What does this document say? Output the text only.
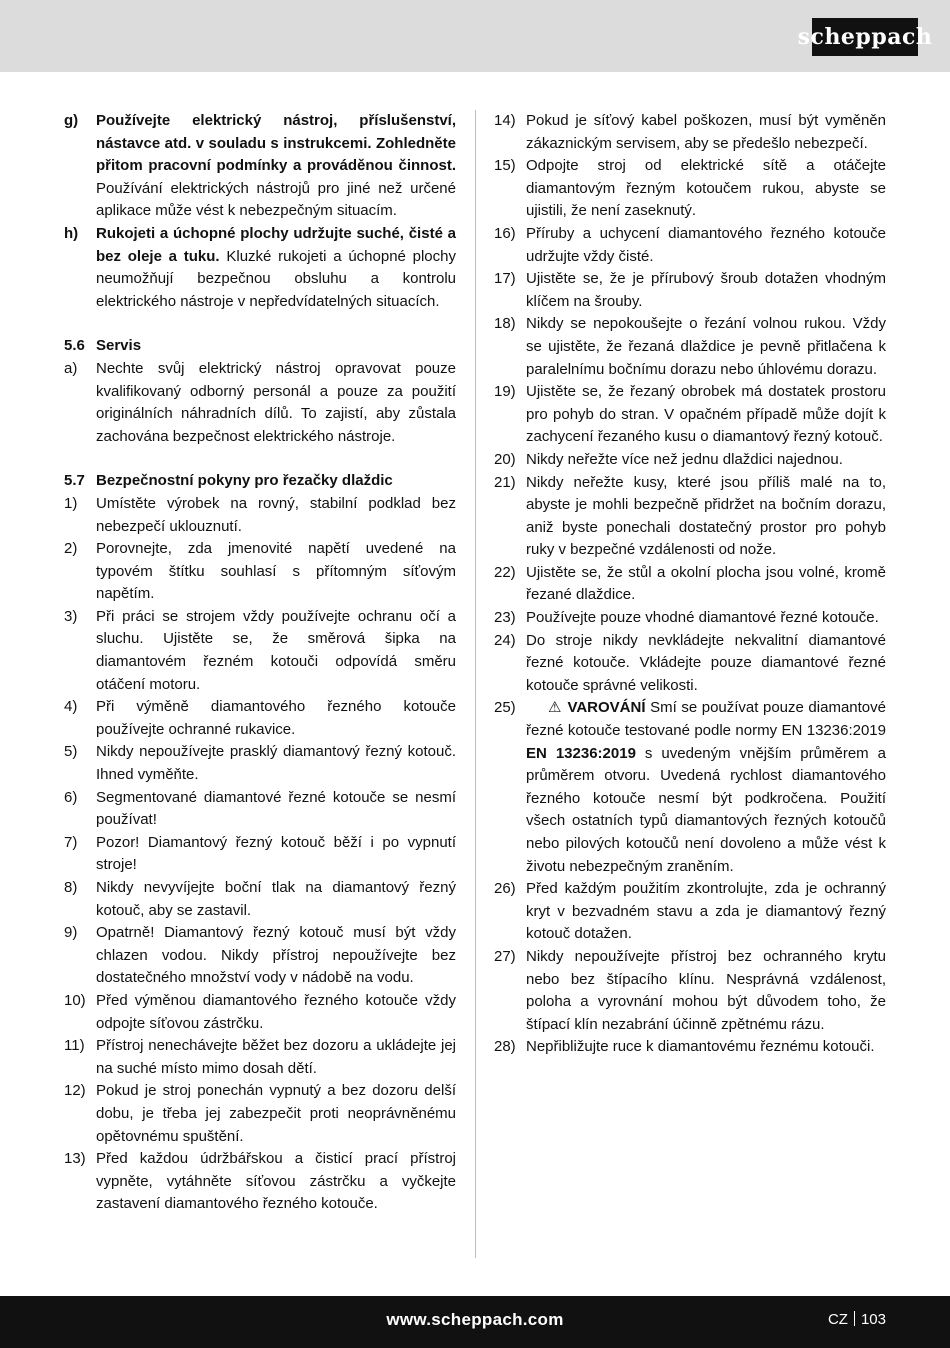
scheppach
g)	Používejte elektrický nástroj, příslušenství, nástavce atd. v souladu s instrukcemi. Zohledněte přitom pracovní podmínky a prováděnou činnost. Používání elektrických nástrojů pro jiné než určené aplikace může vést k nebezpečným situacím.
h)	Rukojeti a úchopné plochy udržujte suché, čisté a bez oleje a tuku. Kluzké rukojeti a úchopné plochy neumožňují bezpečnou obsluhu a kontrolu elektrického nástroje v nepředvídatelných situacích.
5.6 Servis
a)	Nechte svůj elektrický nástroj opravovat pouze kvalifikovaný odborný personál a pouze za použití originálních náhradních dílů. To zajistí, aby zůstala zachována bezpečnost elektrického nástroje.
5.7 Bezpečnostní pokyny pro řezačky dlaždic
1)	Umístěte výrobek na rovný, stabilní podklad bez nebezpečí uklouznutí.
2)	Porovnejte, zda jmenovité napětí uvedené na typovém štítku souhlasí s přítomným síťovým napětím.
3)	Při práci se strojem vždy používejte ochranu očí a sluchu. Ujistěte se, že směrová šipka na diamantovém řezném kotouči odpovídá směru otáčení motoru.
4)	Při výměně diamantového řezného kotouče používejte ochranné rukavice.
5)	Nikdy nepoužívejte prasklý diamantový řezný kotouč. Ihned vyměňte.
6)	Segmentované diamantové řezné kotouče se nesmí používat!
7)	Pozor! Diamantový řezný kotouč běží i po vypnutí stroje!
8)	Nikdy nevyvíjejte boční tlak na diamantový řezný kotouč, aby se zastavil.
9)	Opatrně! Diamantový řezný kotouč musí být vždy chlazen vodou. Nikdy přístroj nepoužívejte bez dostatečného množství vody v nádobě na vodu.
10) Před výměnou diamantového řezného kotouče vždy odpojte síťovou zástrčku.
11) Přístroj nenechávejte běžet bez dozoru a ukládejte jej na suché místo mimo dosah dětí.
12) Pokud je stroj ponechán vypnutý a bez dozoru delší dobu, je třeba jej zabezpečit proti neoprávněnému opětovnému spuštění.
13) Před každou údržbářskou a čisticí prací přístroj vypněte, vytáhněte síťovou zástrčku a vyčkejte zastavení diamantového řezného kotouče.
14) Pokud je síťový kabel poškozen, musí být vyměněn zákaznickým servisem, aby se předešlo nebezpečí.
15) Odpojte stroj od elektrické sítě a otáčejte diamantovým řezným kotoučem rukou, abyste se ujistili, že není zaseknutý.
16) Příruby a uchycení diamantového řezného kotouče udržujte vždy čisté.
17) Ujistěte se, že je přírubový šroub dotažen vhodným klíčem na šrouby.
18) Nikdy se nepokoušejte o řezání volnou rukou. Vždy se ujistěte, že řezaná dlaždice je pevně přitlačena k paralelnímu bočnímu dorazu nebo úhlovému dorazu.
19) Ujistěte se, že řezaný obrobek má dostatek prostoru pro pohyb do stran. V opačném případě může dojít k zachycení řezaného kusu o diamantový řezný kotouč.
20) Nikdy neřežte více než jednu dlaždici najednou.
21) Nikdy neřežte kusy, které jsou příliš malé na to, abyste je mohli bezpečně přidržet na bočním dorazu, aniž byste ponechali dostatečný prostor pro pohyb ruky v bezpečné vzdálenosti od nože.
22) Ujistěte se, že stůl a okolní plocha jsou volné, kromě řezané dlaždice.
23) Používejte pouze vhodné diamantové řezné kotouče.
24) Do stroje nikdy nevkládejte nekvalitní diamantové řezné kotouče. Vkládejte pouze diamantové řezné kotouče správné velikosti.
25)	⚠ VAROVÁNÍ Smí se používat pouze diamantové řezné kotouče testované podle normy EN 13236:2019 EN 13236:2019 s uvedeným vnějším průměrem a průměrem otvoru. Uvedená rychlost diamantového řezného kotouče nesmí být podkročena. Použití všech ostatních typů diamantových řezných kotoučů nebo pilových kotoučů není dovoleno a může vést k životu nebezpečným zraněním.
26) Před každým použitím zkontrolujte, zda je ochranný kryt v bezvadném stavu a zda je diamantový řezný kotouč dotažen.
27) Nikdy nepoužívejte přístroj bez ochranného krytu nebo bez štípacího klínu. Nesprávná vzdálenost, poloha a vyrovnání mohou být důvodem toho, že štípací klín nezabrání účinně zpětnému rázu.
28) Nepřibližujte ruce k diamantovému řeznému kotouči.
www.scheppach.com	CZ 103
